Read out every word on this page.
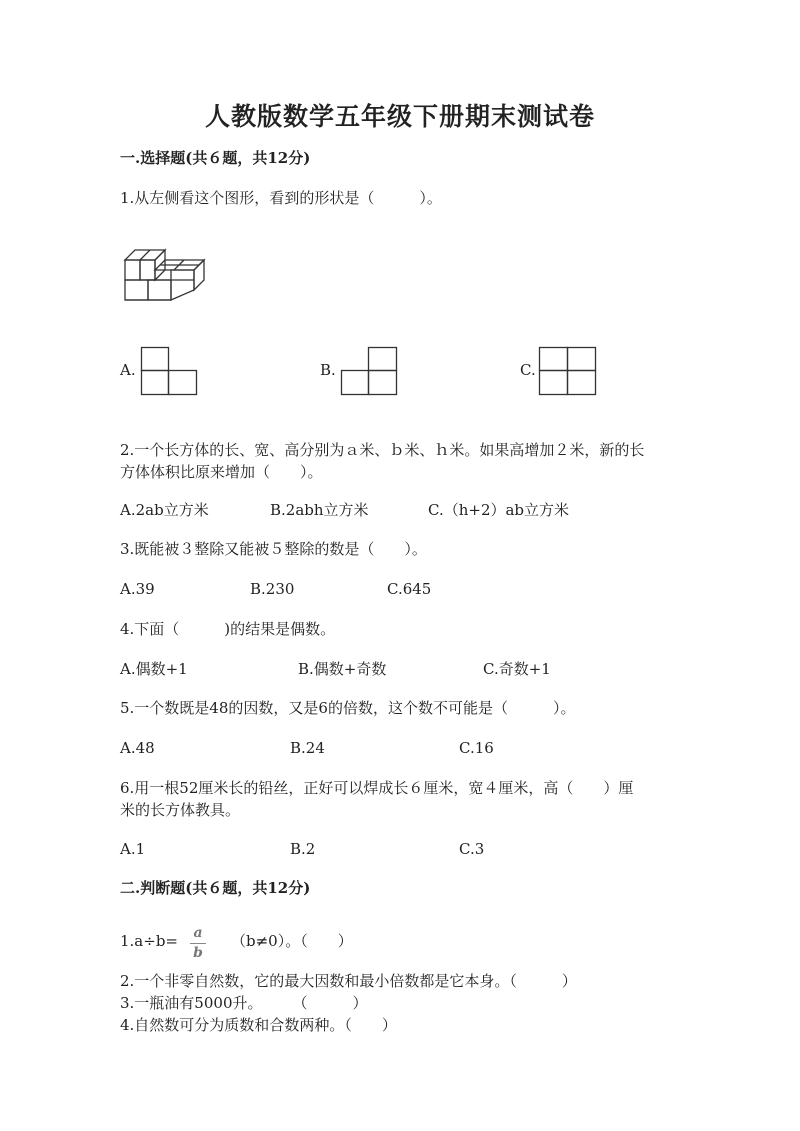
人教版数学五年级下册期末测试卷
一.选择题(共６题，共12分)
1.从左侧看这个图形，看到的形状是（　　　）。
A.	B.	C.
2.一个长方体的长、宽、高分别为ａ米、ｂ米、ｈ米。如果高增加２米，新的长
方体体积比原来增加（　　）。
A.2ab立方米	B.2abh立方米	C.（h+2）ab立方米
3.既能被３整除又能被５整除的数是（　　）。
A.39	B.230	C.645
4.下面（　　　)的结果是偶数。
A.偶数+1	B.偶数+奇数	C.奇数+1
5.一个数既是48的因数，又是6的倍数，这个数不可能是（　　　）。
A.48	B.24	C.16
6.用一根52厘米长的铅丝，正好可以焊成长６厘米，宽４厘米，高（　　）厘
米的长方体教具。
A.1	B.2	C.3
二.判断题(共６题，共12分)
1.a÷b= a
b
（b≠0）。（　　）
2.一个非零自然数，它的最大因数和最小倍数都是它本身。（　　　）
3.一瓶油有5000升。　　　（　　　）
4.自然数可分为质数和合数两种。（　　）
